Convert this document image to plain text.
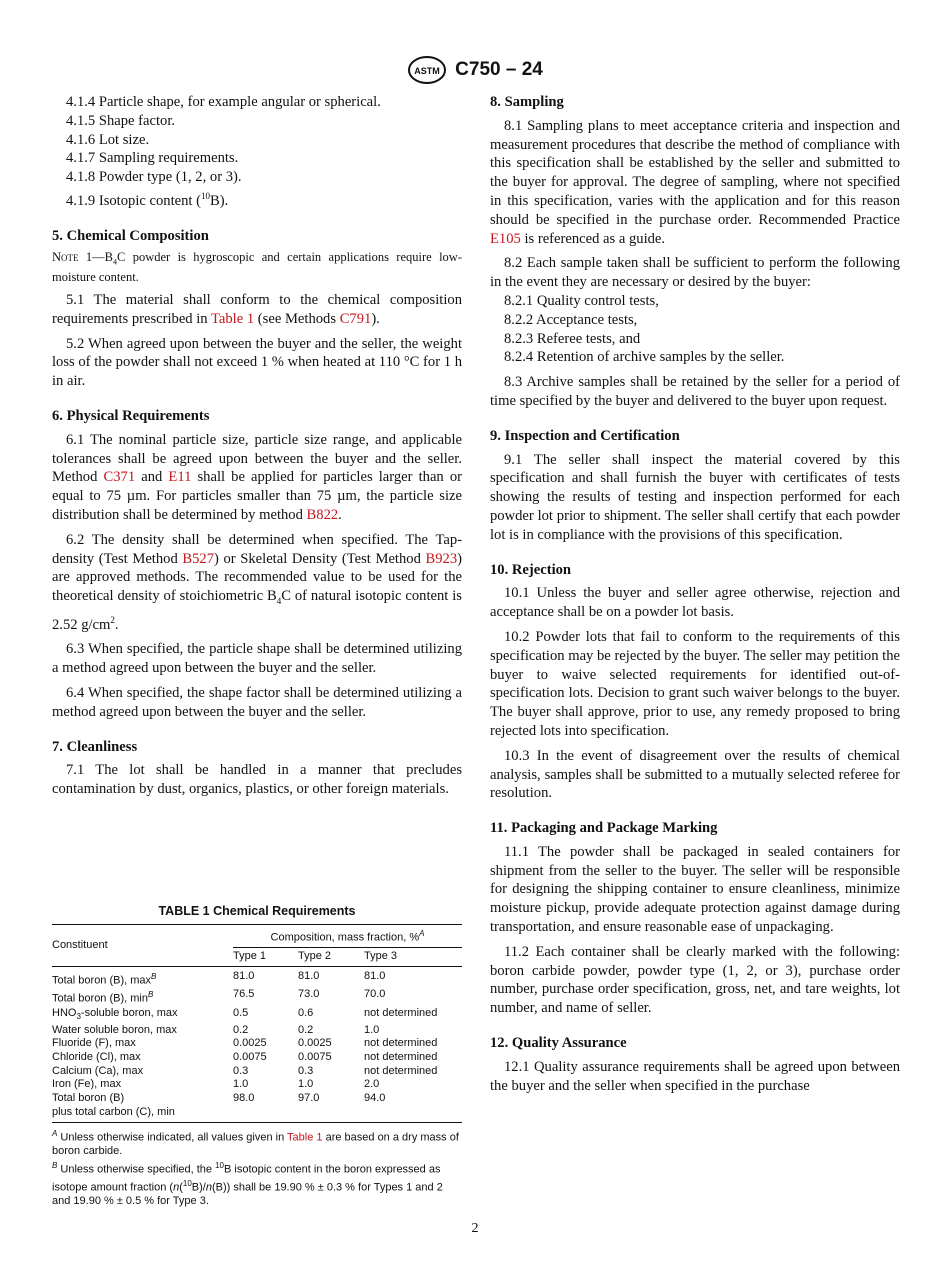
ASTM C750 – 24

4.1.4 Particle shape, for example angular or spherical.

4.1.5 Shape factor.

4.1.6 Lot size.

4.1.7 Sampling requirements.

4.1.8 Powder type (1, 2, or 3).

4.1.9 Isotopic content ($^{10}$B).

5. Chemical Composition

Note $1—B_4C$ powder is hygroscopic and certain applications require low-moisture content.

5.1 The material shall conform to the chemical composition requirements prescribed in Table 1 (see Methods C791).

5.2 When agreed upon between the buyer and the seller, the weight loss of the powder shall not exceed 1 % when heated at 110 °C for 1 h in air.

6. Physical Requirements

6.1 The nominal particle size, particle size range, and applicable tolerances shall be agreed upon between the buyer and the seller. Method C371 and E11 shall be applied for particles larger than or equal to 75 µm. For particles smaller than 75 µm, the particle size distribution shall be determined by method B822.

6.2 The density shall be determined when specified. The Tap-density (Test Method B527) or Skeletal Density (Test Method B923) are approved methods. The recommended value to be used for the theoretical density of stoichiometric $B_4C$ of natural isotopic content is 2.52 $g/cm^2$.

6.3 When specified, the particle shape shall be determined utilizing a method agreed upon between the buyer and the seller.

6.4 When specified, the shape factor shall be determined utilizing a method agreed upon between the buyer and the seller.

7. Cleanliness

7.1 The lot shall be handled in a manner that precludes contamination by dust, organics, plastics, or other foreign materials.

TABLE 1 Chemical Requirements
Constituent	Composition, mass fraction, %$^A$
	Type 1	Type 2	Type 3
Total boron (B), $\max^B$	81.0	81.0	81.0
Total boron (B), $\min^B$	76.5	73.0	70.0
$HNO_3$-soluble boron, max	0.5	0.6	not determined
Water soluble boron, max	0.2	0.2	1.0
Fluoride (F), max	0.0025	0.0025	not determined
Chloride (Cl), max	0.0075	0.0075	not determined
Calcium (Ca), max	0.3	0.3	not determined
Iron (Fe), max	1.0	1.0	2.0
Total boron (B)	98.0	97.0	94.0
plus total carbon (C), min			
$^A$ Unless otherwise indicated, all values given in Table 1 are based on a dry mass of boron carbide.
$^B$ Unless otherwise specified, the $^{10}$B isotopic content in the boron expressed as isotope amount fraction (n($^{10}$B)/n(B)) shall be 19.90 % ± 0.3 % for Types 1 and 2 and 19.90 % ± 0.5 % for Type 3.

8. Sampling

8.1 Sampling plans to meet acceptance criteria and inspection and measurement procedures that describe the method of compliance with this specification shall be established by the seller and submitted to the buyer for approval. The degree of sampling, where not specified in this specification, varies with the application and for this reason should be specified in the purchase order. Recommended Practice E105 is referenced as a guide.

8.2 Each sample taken shall be sufficient to perform the following in the event they are necessary or desired by the buyer:

8.2.1 Quality control tests,

8.2.2 Acceptance tests,

8.2.3 Referee tests, and

8.2.4 Retention of archive samples by the seller.

8.3 Archive samples shall be retained by the seller for a period of time specified by the buyer and delivered to the buyer upon request.

9. Inspection and Certification

9.1 The seller shall inspect the material covered by this specification and shall furnish the buyer with certificates of tests showing the results of testing and inspection performed for each powder lot prior to shipment. The seller shall certify that each powder lot is in compliance with the provisions of this specification.

10. Rejection

10.1 Unless the buyer and seller agree otherwise, rejection and acceptance shall be on a powder lot basis.

10.2 Powder lots that fail to conform to the requirements of this specification may be rejected by the buyer. The seller may petition the buyer to waive selected requirements for identified out-of-specification lots. Decision to grant such waiver belongs to the buyer. The buyer shall approve, prior to use, any remedy proposed to bring rejected lots into specification.

10.3 In the event of disagreement over the results of chemical analysis, samples shall be submitted to a mutually selected referee for resolution.

11. Packaging and Package Marking

11.1 The powder shall be packaged in sealed containers for shipment from the seller to the buyer. The seller will be responsible for designing the shipping container to ensure cleanliness, minimize moisture pickup, provide adequate protection against damage during transportation, and ensure reasonable ease of unpackaging.

11.2 Each container shall be clearly marked with the following: boron carbide powder, powder type (1, 2, or 3), purchase order number, purchase order specification, gross, net, and tare weights, lot number, and name of seller.

12. Quality Assurance

12.1 Quality assurance requirements shall be agreed upon between the buyer and the seller when specified in the purchase

2
